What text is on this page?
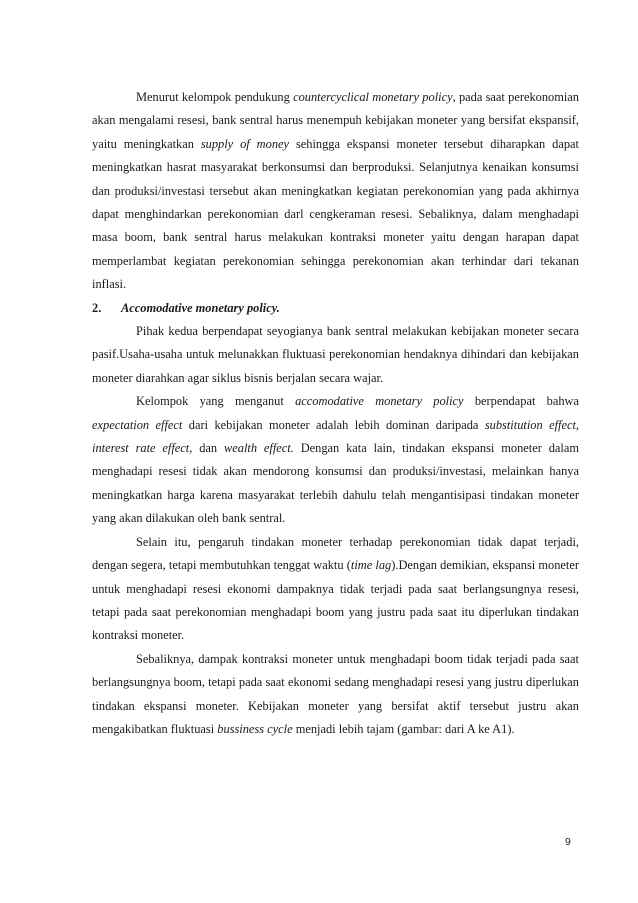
Menurut kelompok pendukung countercyclical monetary policy, pada saat perekonomian akan mengalami resesi, bank sentral harus menempuh kebijakan moneter yang bersifat ekspansif, yaitu meningkatkan supply of money sehingga ekspansi moneter tersebut diharapkan dapat meningkatkan hasrat masyarakat berkonsumsi dan berproduksi. Selanjutnya kenaikan konsumsi dan produksi/investasi tersebut akan meningkatkan kegiatan perekonomian yang pada akhirnya dapat menghindarkan perekonomian darl cengkeraman resesi. Sebaliknya, dalam menghadapi masa boom, bank sentral harus melakukan kontraksi moneter yaitu dengan harapan dapat memperlambat kegiatan perekonomian sehingga perekonomian akan terhindar dari tekanan inflasi.

2. Accomodative monetary policy.

Pihak kedua berpendapat seyogianya bank sentral melakukan kebijakan moneter secara pasif.Usaha-usaha untuk melunakkan fluktuasi perekonomian hendaknya dihindari dan kebijakan moneter diarahkan agar siklus bisnis berjalan secara wajar.

Kelompok yang menganut accomodative monetary policy berpendapat bahwa expectation effect dari kebijakan moneter adalah lebih dominan daripada substitution effect, interest rate effect, dan wealth effect. Dengan kata lain, tindakan ekspansi moneter dalam menghadapi resesi tidak akan mendorong konsumsi dan produksi/investasi, melainkan hanya meningkatkan harga karena masyarakat terlebih dahulu telah mengantisipasi tindakan moneter yang akan dilakukan oleh bank sentral.

Selain itu, pengaruh tindakan moneter terhadap perekonomian tidak dapat terjadi, dengan segera, tetapi membutuhkan tenggat waktu (time lag).Dengan demikian, ekspansi moneter untuk menghadapi resesi ekonomi dampaknya tidak terjadi pada saat berlangsungnya resesi, tetapi pada saat perekonomian menghadapi boom yang justru pada saat itu diperlukan tindakan kontraksi moneter.

Sebaliknya, dampak kontraksi moneter untuk menghadapi boom tidak terjadi pada saat berlangsungnya boom, tetapi pada saat ekonomi sedang menghadapi resesi yang justru diperlukan tindakan ekspansi moneter. Kebijakan moneter yang bersifat aktif tersebut justru akan mengakibatkan fluktuasi bussiness cycle menjadi lebih tajam (gambar: dari A ke A1).

9
